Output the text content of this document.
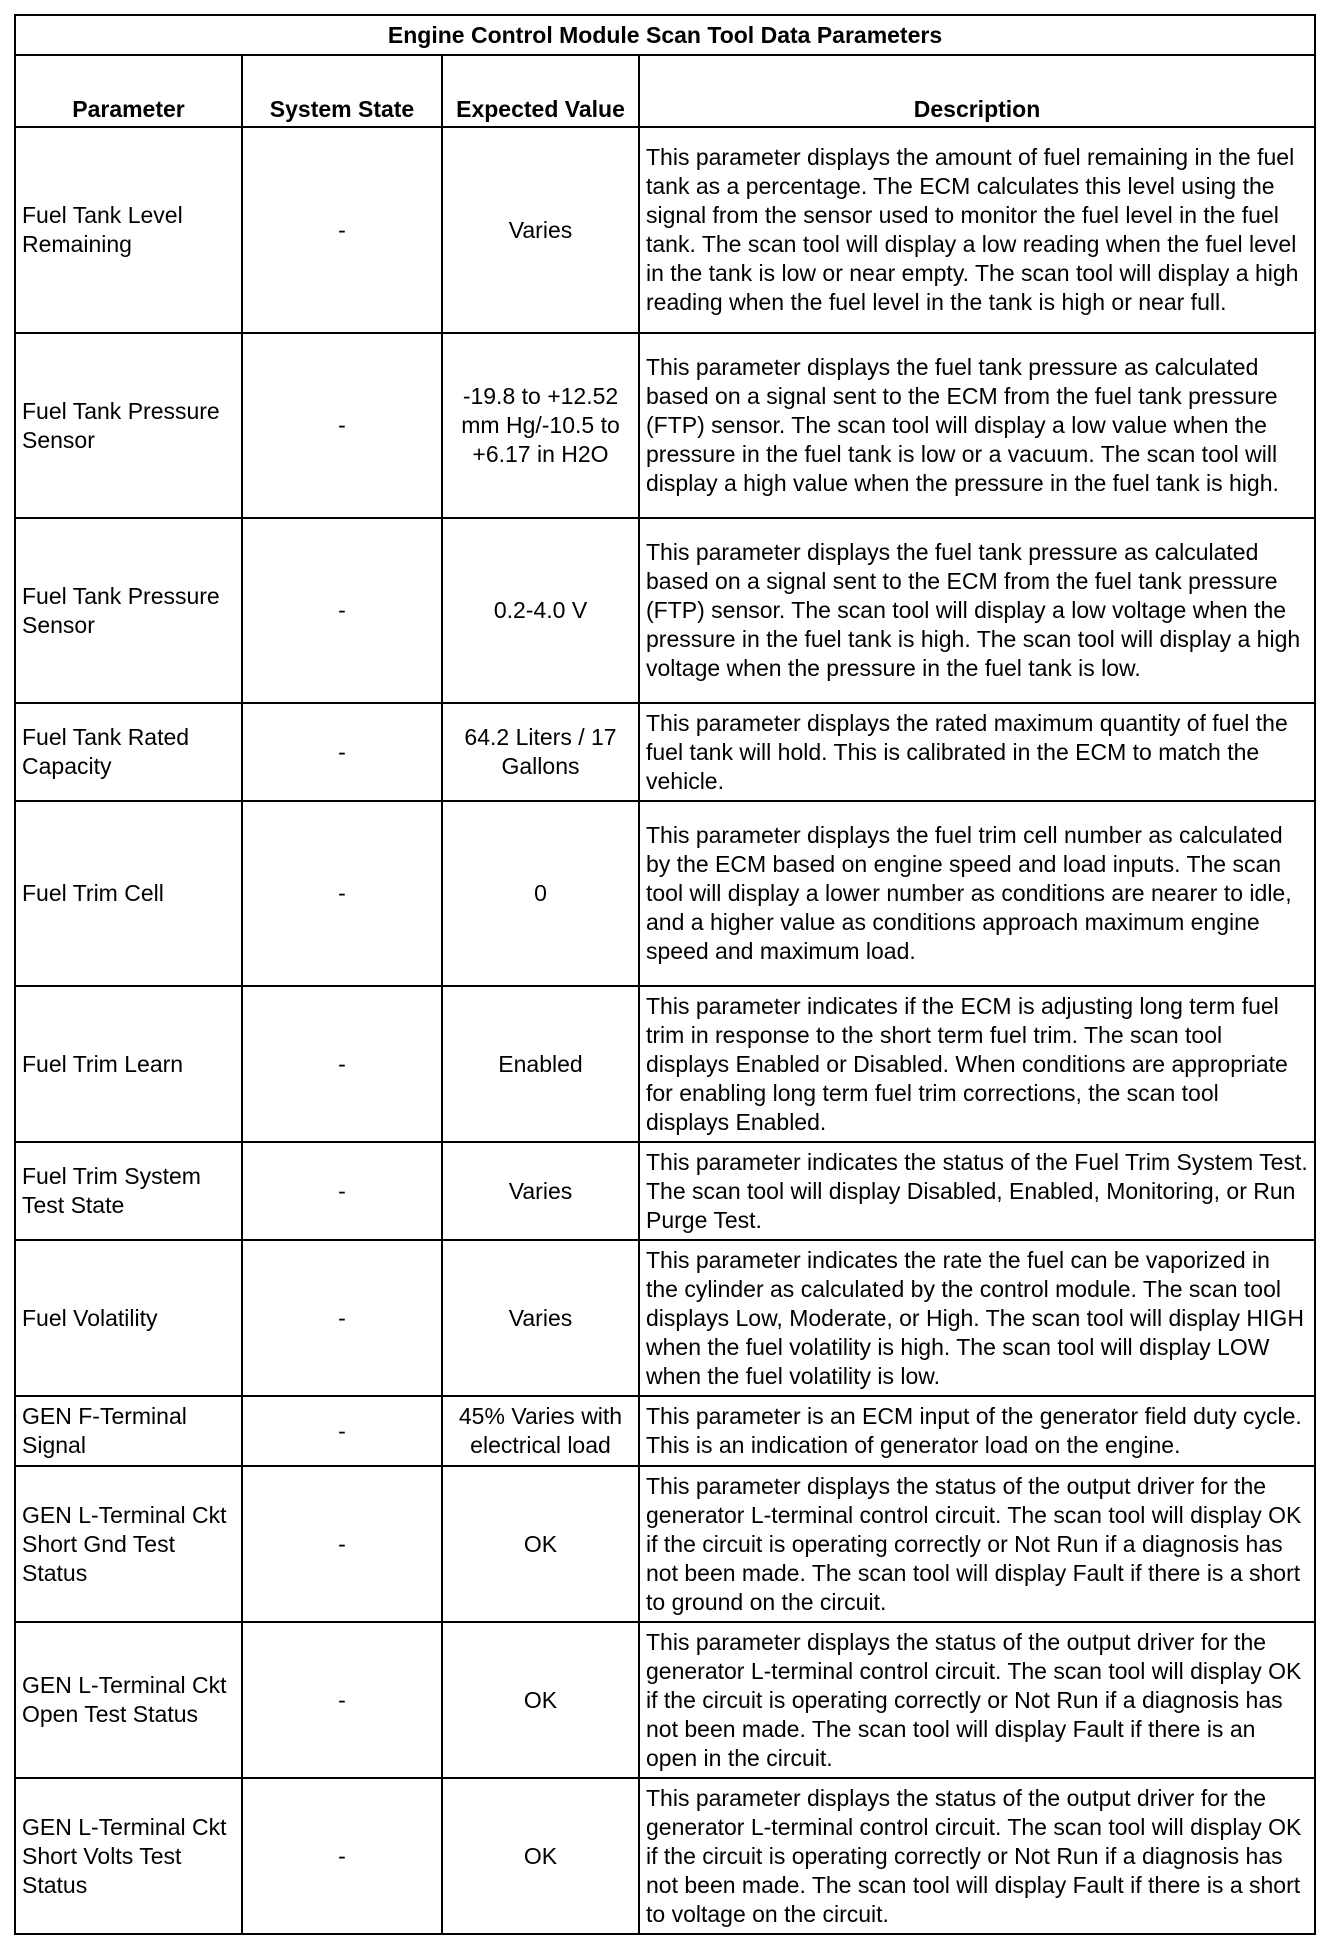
Engine Control Module Scan Tool Data Parameters			
Parameter	System State	Expected Value	Description
Fuel Tank Level Remaining	-	Varies	This parameter displays the amount of fuel remaining in the fuel tank as a percentage. The ECM calculates this level using the signal from the sensor used to monitor the fuel level in the fuel tank. The scan tool will display a low reading when the fuel level in the tank is low or near empty. The scan tool will display a high reading when the fuel level in the tank is high or near full.
Fuel Tank Pressure Sensor	-	-19.8 to +12.52 mm Hg/-10.5 to +6.17 in H2O	This parameter displays the fuel tank pressure as calculated based on a signal sent to the ECM from the fuel tank pressure (FTP) sensor. The scan tool will display a low value when the pressure in the fuel tank is low or a vacuum. The scan tool will display a high value when the pressure in the fuel tank is high.
Fuel Tank Pressure Sensor	-	0.2-4.0 V	This parameter displays the fuel tank pressure as calculated based on a signal sent to the ECM from the fuel tank pressure (FTP) sensor. The scan tool will display a low voltage when the pressure in the fuel tank is high. The scan tool will display a high voltage when the pressure in the fuel tank is low.
Fuel Tank Rated Capacity	-	64.2 Liters / 17 Gallons	This parameter displays the rated maximum quantity of fuel the fuel tank will hold. This is calibrated in the ECM to match the vehicle.
Fuel Trim Cell	-	0	This parameter displays the fuel trim cell number as calculated by the ECM based on engine speed and load inputs. The scan tool will display a lower number as conditions are nearer to idle, and a higher value as conditions approach maximum engine speed and maximum load.
Fuel Trim Learn	-	Enabled	This parameter indicates if the ECM is adjusting long term fuel trim in response to the short term fuel trim. The scan tool displays Enabled or Disabled. When conditions are appropriate for enabling long term fuel trim corrections, the scan tool displays Enabled.
Fuel Trim System Test State	-	Varies	This parameter indicates the status of the Fuel Trim System Test. The scan tool will display Disabled, Enabled, Monitoring, or Run Purge Test.
Fuel Volatility	-	Varies	This parameter indicates the rate the fuel can be vaporized in the cylinder as calculated by the control module. The scan tool displays Low, Moderate, or High. The scan tool will display HIGH when the fuel volatility is high. The scan tool will display LOW when the fuel volatility is low.
GEN F-Terminal Signal	-	45% Varies with electrical load	This parameter is an ECM input of the generator field duty cycle. This is an indication of generator load on the engine.
GEN L-Terminal Ckt Short Gnd Test Status	-	OK	This parameter displays the status of the output driver for the generator L-terminal control circuit. The scan tool will display OK if the circuit is operating correctly or Not Run if a diagnosis has not been made. The scan tool will display Fault if there is a short to ground on the circuit.
GEN L-Terminal Ckt Open Test Status	-	OK	This parameter displays the status of the output driver for the generator L-terminal control circuit. The scan tool will display OK if the circuit is operating correctly or Not Run if a diagnosis has not been made. The scan tool will display Fault if there is an open in the circuit.
GEN L-Terminal Ckt Short Volts Test Status	-	OK	This parameter displays the status of the output driver for the generator L-terminal control circuit. The scan tool will display OK if the circuit is operating correctly or Not Run if a diagnosis has not been made. The scan tool will display Fault if there is a short to voltage on the circuit.
